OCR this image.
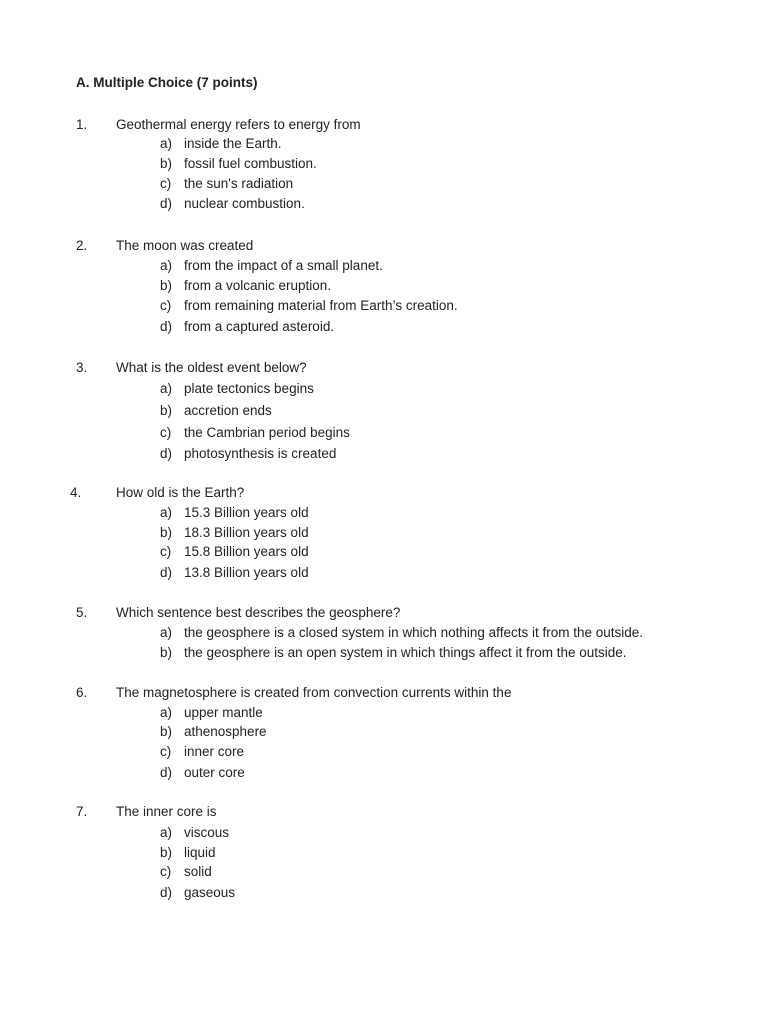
A. Multiple Choice (7 points)
1. Geothermal energy refers to energy from
a) inside the Earth.
b) fossil fuel combustion.
c) the sun's radiation
d) nuclear combustion.
2. The moon was created
a) from the impact of a small planet.
b) from a volcanic eruption.
c) from remaining material from Earth’s creation.
d) from a captured asteroid.
3. What is the oldest event below?
a) plate tectonics begins
b) accretion ends
c) the Cambrian period begins
d) photosynthesis is created
4.	How old is the Earth?
a) 15.3 Billion years old
b) 18.3 Billion years old
c) 15.8 Billion years old
d) 13.8 Billion years old
5. Which sentence best describes the geosphere?
a) the geosphere is a closed system in which nothing affects it from the outside.
b) the geosphere is an open system in which things affect it from the outside.
6. The magnetosphere is created from convection currents within the
a) upper mantle
b) athenosphere
c) inner core
d) outer core
7. The inner core is
a) viscous
b) liquid
c) solid
d) gaseous
